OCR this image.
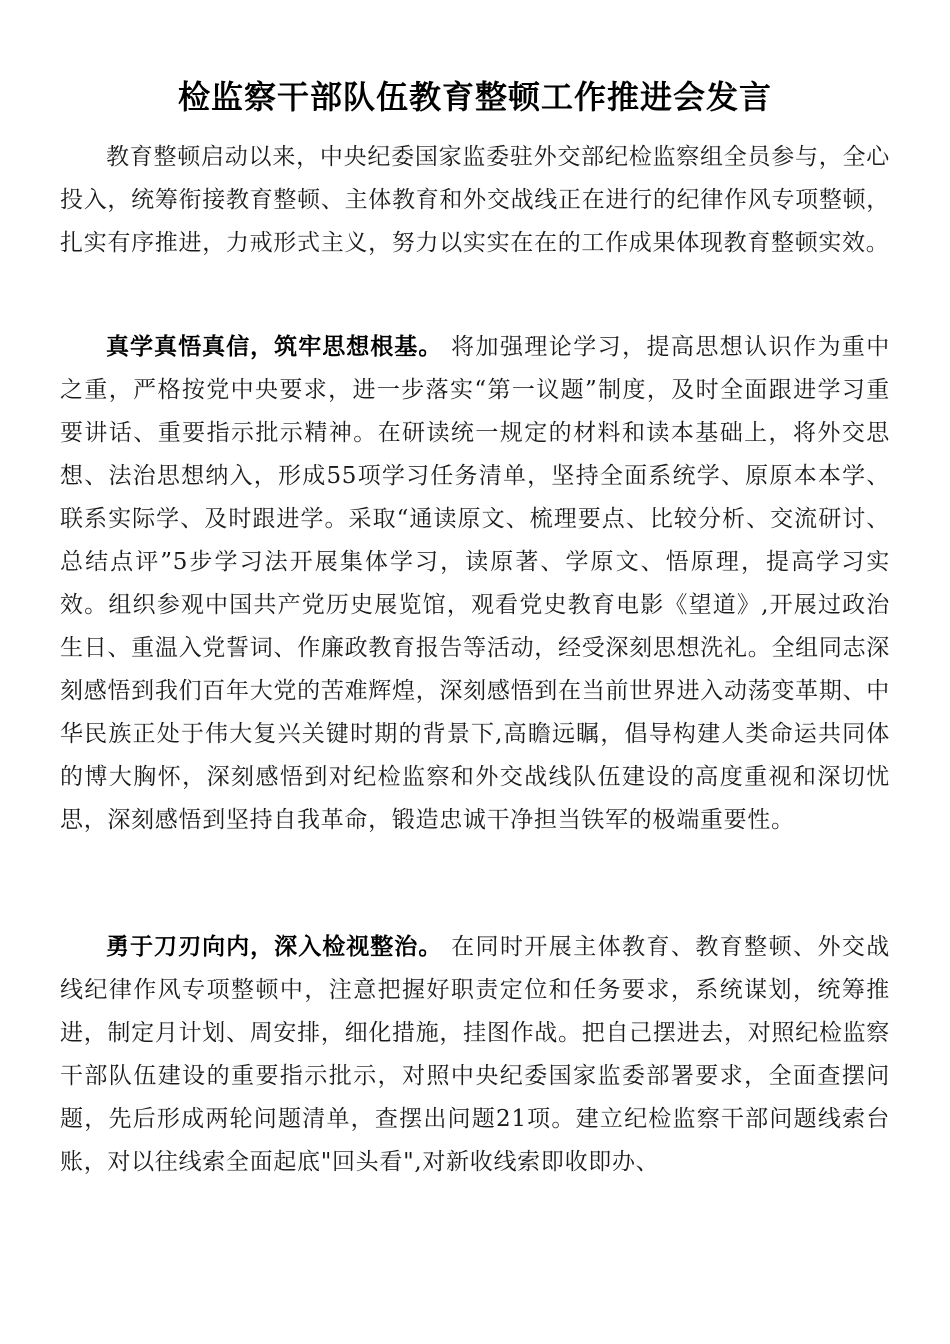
检监察干部队伍教育整顿工作推进会发言

教育整顿启动以来，中央纪委国家监委驻外交部纪检监察组全员参与，全心投入，统筹衔接教育整顿、主体教育和外交战线正在进行的纪律作风专项整顿，扎实有序推进，力戒形式主义，努力以实实在在的工作成果体现教育整顿实效。

真学真悟真信，筑牢思想根基。 将加强理论学习，提高思想认识作为重中之重，严格按党中央要求，进一步落实“第一议题”制度，及时全面跟进学习重要讲话、重要指示批示精神。在研读统一规定的材料和读本基础上，将外交思想、法治思想纳入，形成55项学习任务清单，坚持全面系统学、原原本本学、联系实际学、及时跟进学。采取“通读原文、梳理要点、比较分析、交流研讨、总结点评”5步学习法开展集体学习，读原著、学原文、悟原理，提高学习实效。组织参观中国共产党历史展览馆，观看党史教育电影《望道》,开展过政治生日、重温入党誓词、作廉政教育报告等活动，经受深刻思想洗礼。全组同志深刻感悟到我们百年大党的苦难辉煌，深刻感悟到在当前世界进入动荡变革期、中华民族正处于伟大复兴关键时期的背景下,高瞻远瞩，倡导构建人类命运共同体的博大胸怀，深刻感悟到对纪检监察和外交战线队伍建设的高度重视和深切忧思，深刻感悟到坚持自我革命，锻造忠诚干净担当铁军的极端重要性。

勇于刀刃向内，深入检视整治。 在同时开展主体教育、教育整顿、外交战线纪律作风专项整顿中，注意把握好职责定位和任务要求，系统谋划，统筹推进，制定月计划、周安排，细化措施，挂图作战。把自己摆进去，对照纪检监察干部队伍建设的重要指示批示，对照中央纪委国家监委部署要求，全面查摆问题，先后形成两轮问题清单，查摆出问题21项。建立纪检监察干部问题线索台账，对以往线索全面起底"回头看",对新收线索即收即办、
